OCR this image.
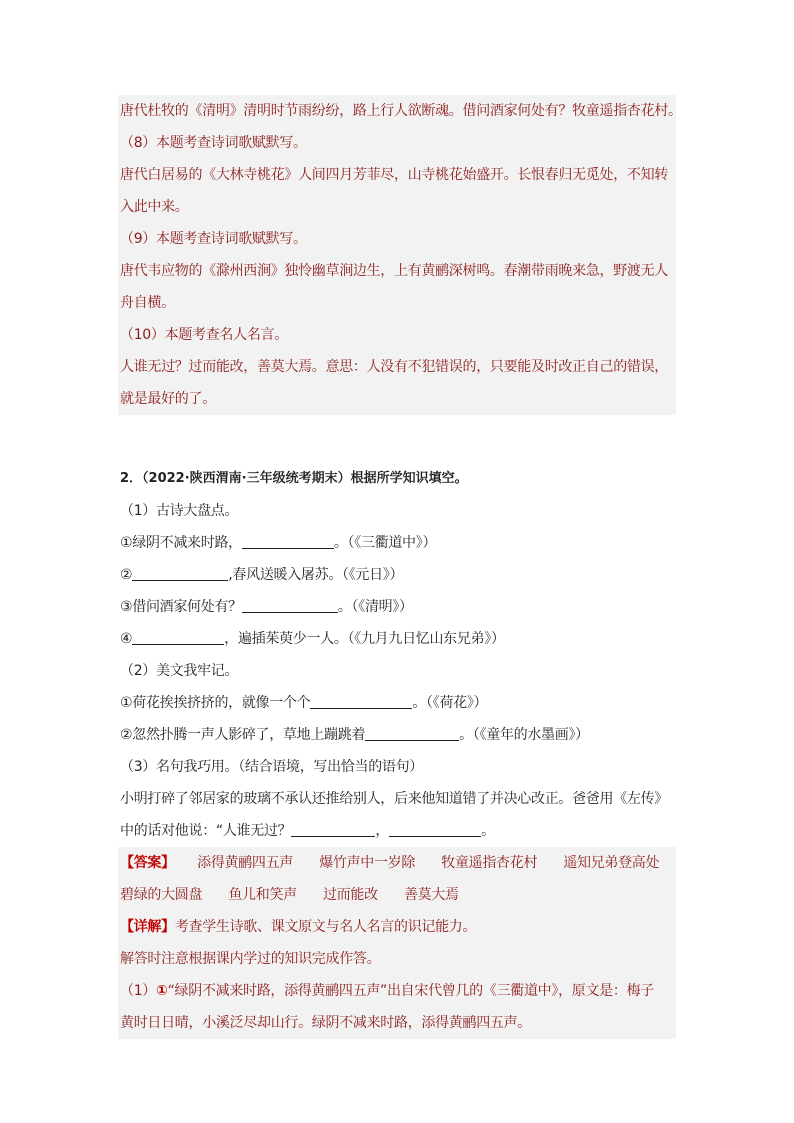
唐代杜牧的《清明》清明时节雨纷纷，路上行人欲断魂。借问酒家何处有？牧童遥指杏花村。
（8）本题考查诗词歌赋默写。
唐代白居易的《大林寺桃花》人间四月芳菲尽，山寺桃花始盛开。长恨春归无觅处，不知转
入此中来。
（9）本题考查诗词歌赋默写。
唐代韦应物的《滁州西涧》独怜幽草涧边生，上有黄鹂深树鸣。春潮带雨晚来急，野渡无人
舟自横。
（10）本题考查名人名言。
人谁无过？过而能改，善莫大焉。意思：人没有不犯错误的，只要能及时改正自己的错误，
就是最好的了。
2．（2022·陕西渭南·三年级统考期末）根据所学知识填空。
（1）古诗大盘点。
①绿阴不减来时路，	。（《三衢道中》）
②	,春风送暖入屠苏。（《元日》）
③借问酒家何处有？	。（《清明》）
④	，遍插茱萸少一人。（《九月九日忆山东兄弟》）
（2）美文我牢记。
①荷花挨挨挤挤的，就像一个个	。（《荷花》）
②忽然扑腾一声人影碎了，草地上蹦跳着	。（《童年的水墨画》）
（3）名句我巧用。（结合语境，写出恰当的语句）
小明打碎了邻居家的玻璃不承认还推给别人，后来他知道错了并决心改正。爸爸用《左传》
中的话对他说：“人谁无过？	，	。
【答案】 添得黄鹂四五声 爆竹声中一岁除 牧童遥指杏花村 遥知兄弟登高处
碧绿的大圆盘 鱼儿和笑声 过而能改 善莫大焉
【详解】考查学生诗歌、课文原文与名人名言的识记能力。
解答时注意根据课内学过的知识完成作答。
（1）①“绿阴不减来时路，添得黄鹂四五声”出自宋代曾几的《三衢道中》，原文是：梅子
黄时日日晴，小溪泛尽却山行。绿阴不减来时路，添得黄鹂四五声。
